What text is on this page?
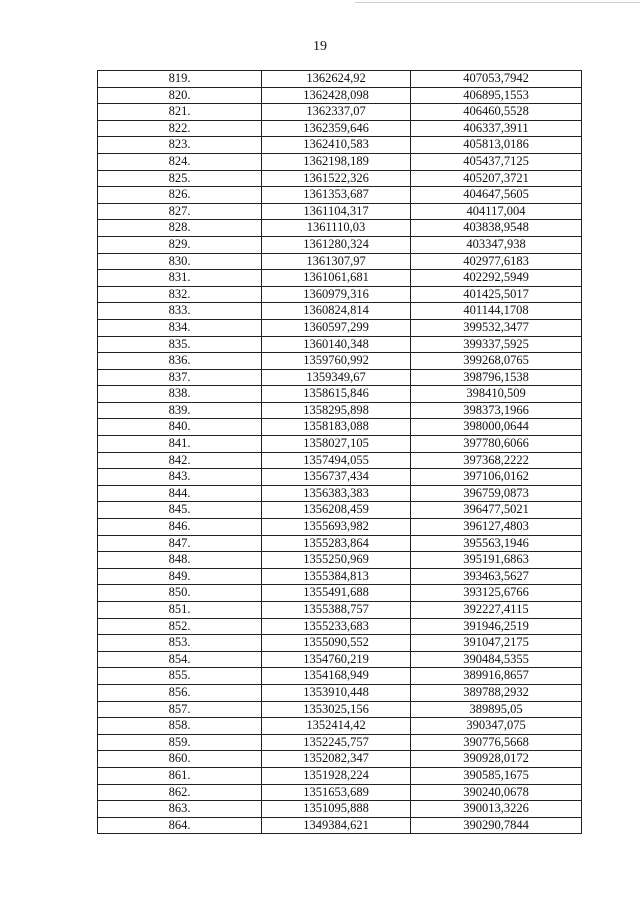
19
819.	1362624,92	407053,7942
820.	1362428,098	406895,1553
821.	1362337,07	406460,5528
822.	1362359,646	406337,3911
823.	1362410,583	405813,0186
824.	1362198,189	405437,7125
825.	1361522,326	405207,3721
826.	1361353,687	404647,5605
827.	1361104,317	404117,004
828.	1361110,03	403838,9548
829.	1361280,324	403347,938
830.	1361307,97	402977,6183
831.	1361061,681	402292,5949
832.	1360979,316	401425,5017
833.	1360824,814	401144,1708
834.	1360597,299	399532,3477
835.	1360140,348	399337,5925
836.	1359760,992	399268,0765
837.	1359349,67	398796,1538
838.	1358615,846	398410,509
839.	1358295,898	398373,1966
840.	1358183,088	398000,0644
841.	1358027,105	397780,6066
842.	1357494,055	397368,2222
843.	1356737,434	397106,0162
844.	1356383,383	396759,0873
845.	1356208,459	396477,5021
846.	1355693,982	396127,4803
847.	1355283,864	395563,1946
848.	1355250,969	395191,6863
849.	1355384,813	393463,5627
850.	1355491,688	393125,6766
851.	1355388,757	392227,4115
852.	1355233,683	391946,2519
853.	1355090,552	391047,2175
854.	1354760,219	390484,5355
855.	1354168,949	389916,8657
856.	1353910,448	389788,2932
857.	1353025,156	389895,05
858.	1352414,42	390347,075
859.	1352245,757	390776,5668
860.	1352082,347	390928,0172
861.	1351928,224	390585,1675
862.	1351653,689	390240,0678
863.	1351095,888	390013,3226
864.	1349384,621	390290,7844
